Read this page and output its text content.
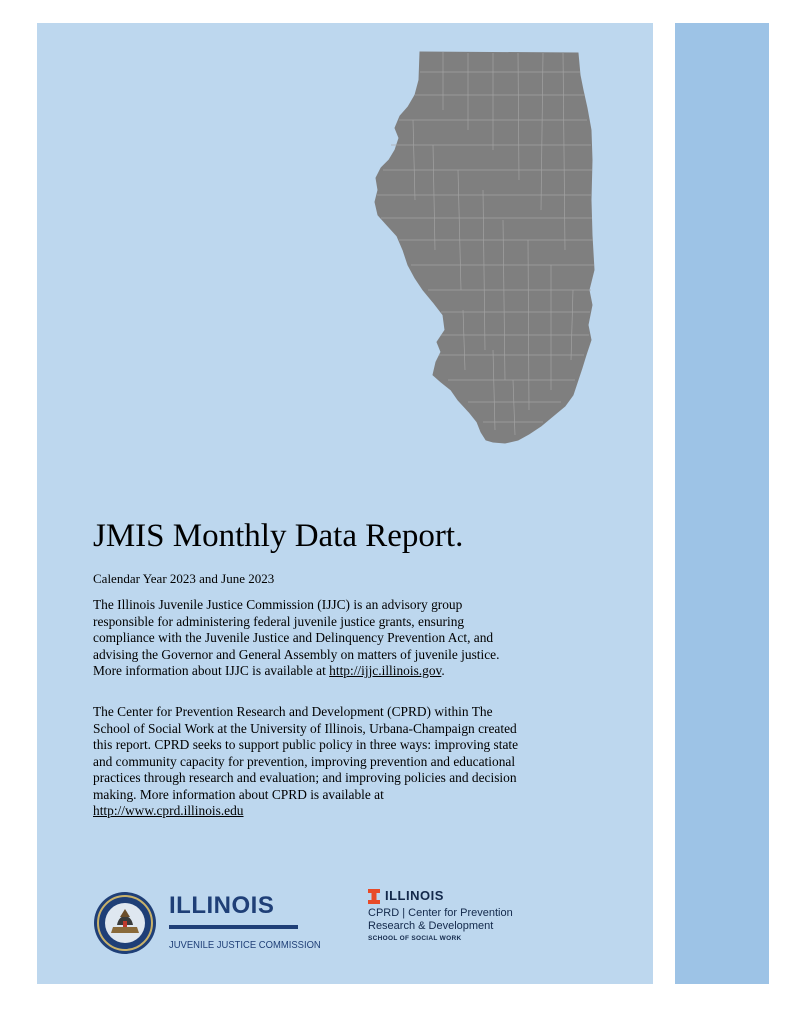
JMIS Monthly Data Report.
Calendar Year 2023 and June 2023
The Illinois Juvenile Justice Commission (IJJC) is an advisory group responsible for administering federal juvenile justice grants, ensuring compliance with the Juvenile Justice and Delinquency Prevention Act, and advising the Governor and General Assembly on matters of juvenile justice. More information about IJJC is available at http://ijjc.illinois.gov.
The Center for Prevention Research and Development (CPRD) within The School of Social Work at the University of Illinois, Urbana-Champaign created this report. CPRD seeks to support public policy in three ways: improving state and community capacity for prevention, improving prevention and educational practices through research and evaluation; and improving policies and decision making. More information about CPRD is available at http://www.cprd.illinois.edu
ILLINOIS
JUVENILE JUSTICE COMMISSION
ILLINOIS
CPRD | Center for Prevention
Research & Development
SCHOOL OF SOCIAL WORK
